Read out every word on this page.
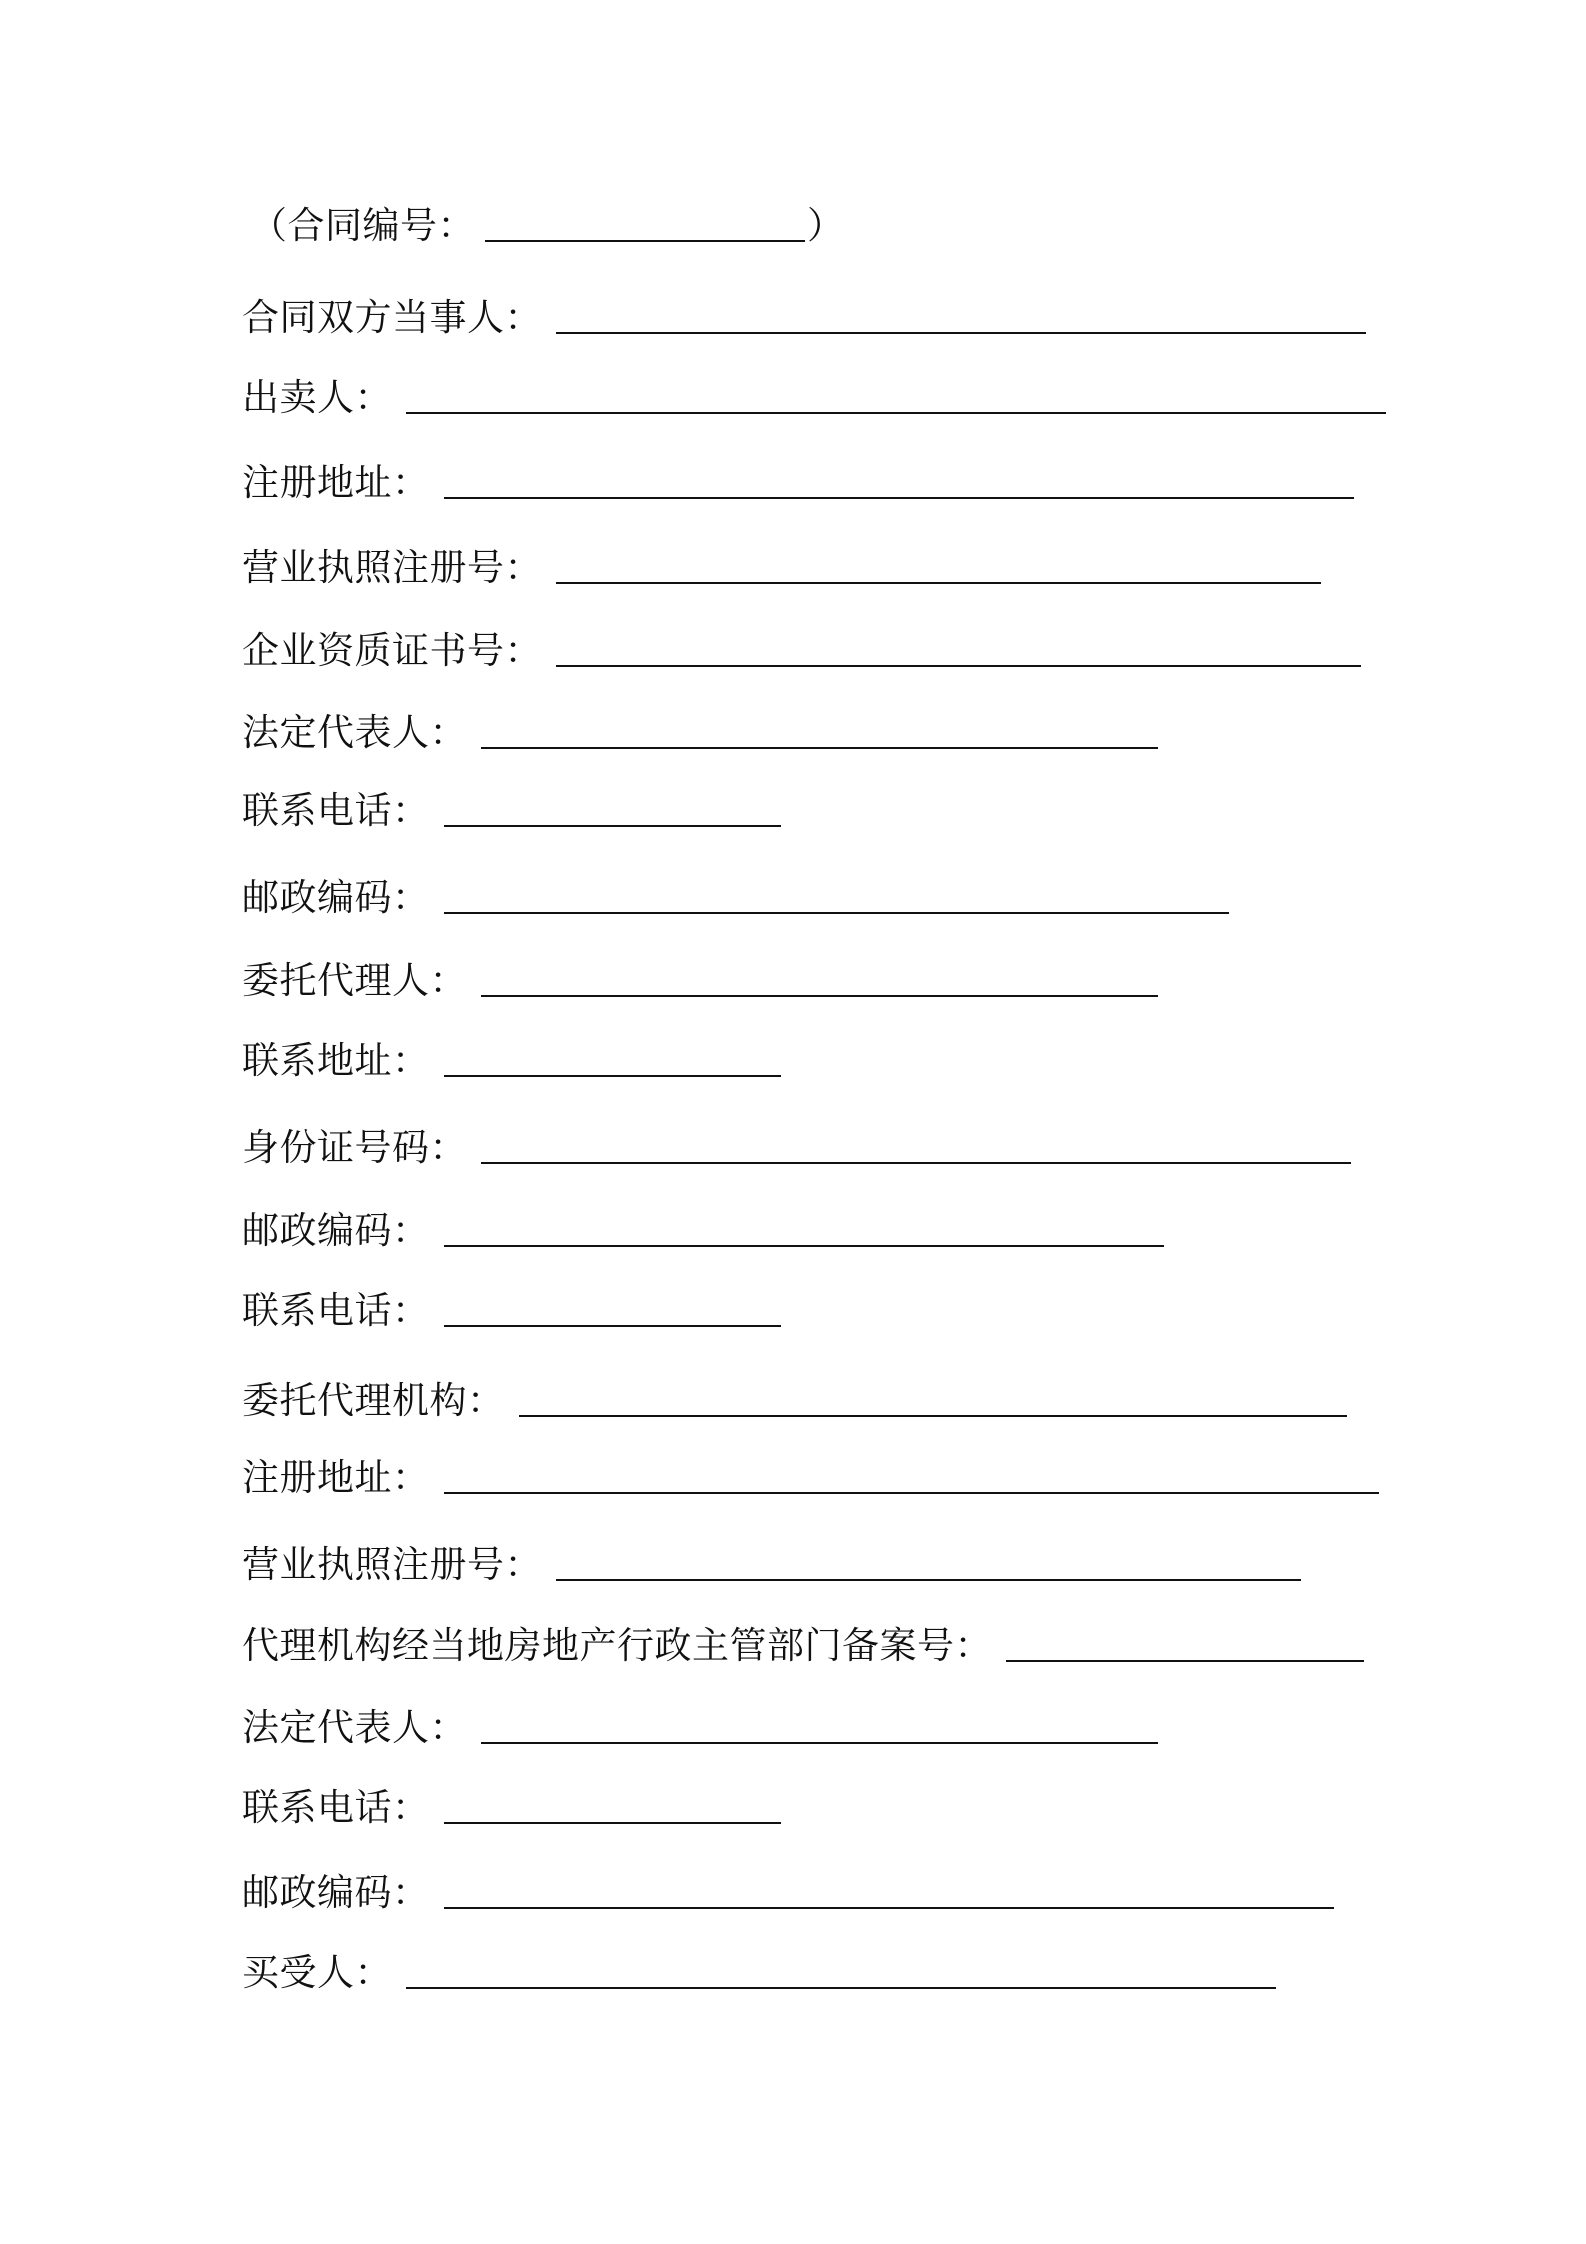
（合同编号：	）
合同双方当事人：
出卖人：
注册地址：
营业执照注册号：
企业资质证书号：
法定代表人：
联系电话：
邮政编码：
委托代理人：
联系地址：
身份证号码：
邮政编码：
联系电话：
委托代理机构：
注册地址：
营业执照注册号：
代理机构经当地房地产行政主管部门备案号：
法定代表人：
联系电话：
邮政编码：
买受人：
